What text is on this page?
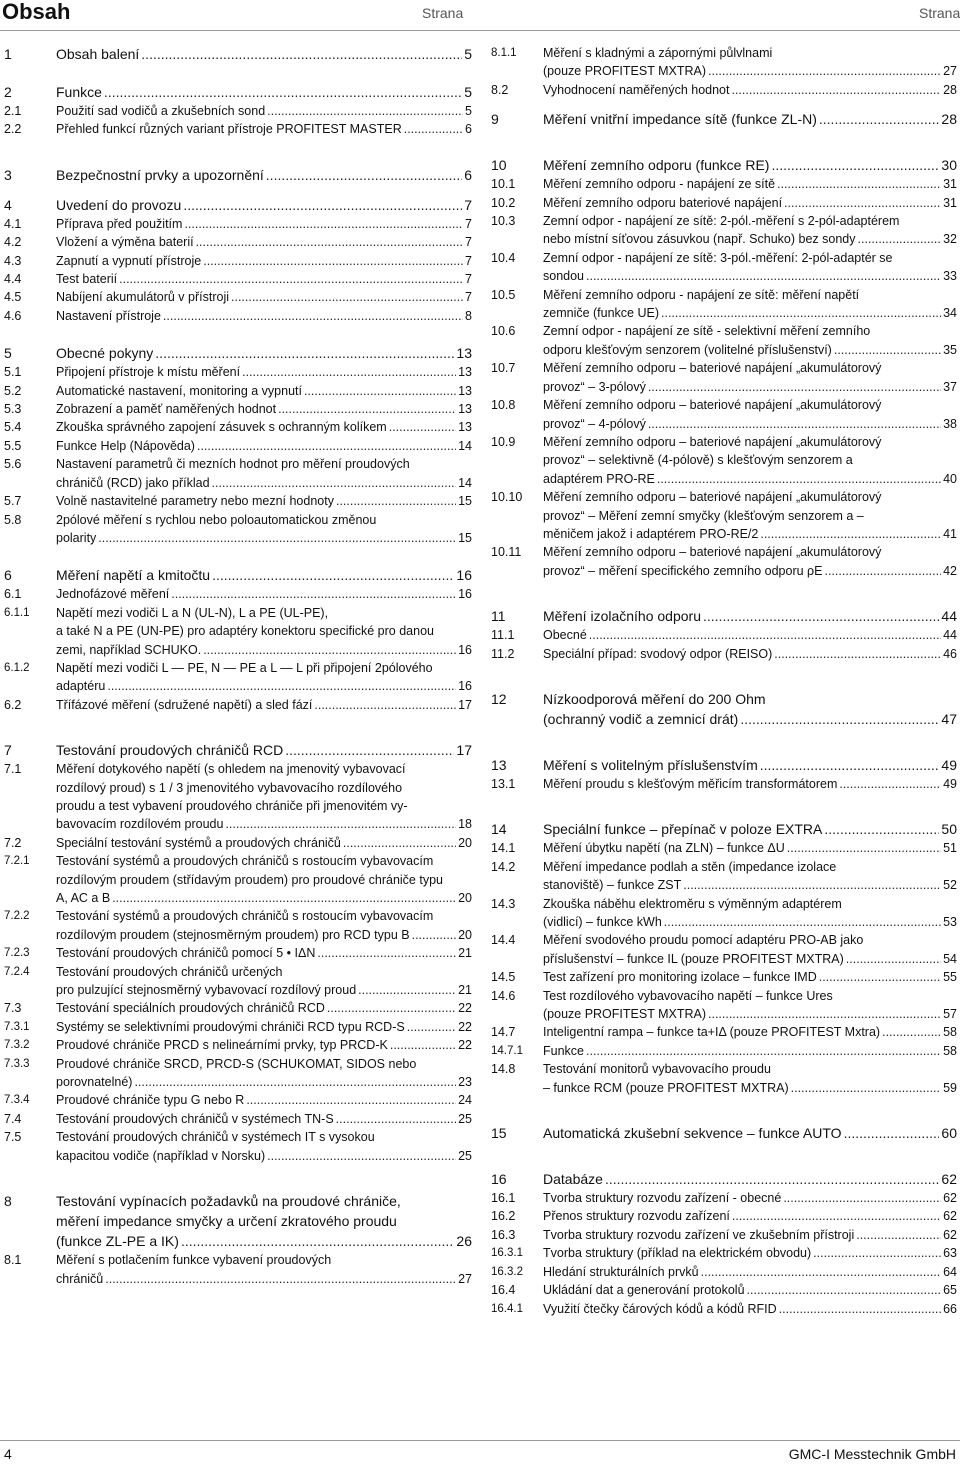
Obsah	Strana	Strana
1	Obsah balení .....	5
2	Funkce .....	5
2.1	Použití sad vodičů a zkušebních sond .....	5
2.2	Přehled funkcí různých variant přístroje PROFITEST MASTER .....	6
3	Bezpečnostní prvky a upozornění .....	6
4	Uvedení do provozu .....	7
4.1	Příprava před použitím .....	7
4.2	Vložení a výměna baterií .....	7
4.3	Zapnutí a vypnutí přístroje .....	7
4.4	Test baterií .....	7
4.5	Nabíjení akumulátorů v přístroji .....	7
4.6	Nastavení přístroje .....	8
5	Obecné pokyny .....	13
5.1	Připojení přístroje k místu měření .....	13
5.2	Automatické nastavení, monitoring a vypnutí .....	13
5.3	Zobrazení a paměť naměřených hodnot .....	13
5.4	Zkouška správného zapojení zásuvek s ochranným kolíkem .....	13
5.5	Funkce Help (Nápověda) .....	14
5.6	Nastavení parametrů či mezních hodnot pro měření proudových
chráničů (RCD) jako příklad .....	14
5.7	Volně nastavitelné parametry nebo mezní hodnoty .....	15
5.8	2pólové měření s rychlou nebo poloautomatickou změnou
polarity .....	15
6	Měření napětí a kmitočtu .....	16
6.1	Jednofázové měření .....	16
6.1.1	Napětí mezi vodiči L a N (UL-N), L a PE (UL-PE),
a také N a PE (UN-PE) pro adaptéry konektoru specifické pro danou
zemi, například SCHUKO. .....	16
6.1.2	Napětí mezi vodiči L — PE, N — PE a L — L při připojení 2pólového
adaptéru .....	16
6.2	Třífázové měření (sdružené napětí) a sled fází .....	17
7	Testování proudových chráničů RCD .....	17
7.1	Měření dotykového napětí (s ohledem na jmenovitý vybavovací
rozdílový proud) s 1 / 3 jmenovitého vybavovacího rozdílového
proudu a test vybavení proudového chrániče při jmenovitém vy-
bavovacím rozdílovém proudu .....	18
7.2	Speciální testování systémů a proudových chráničů .....	20
7.2.1	Testování systémů a proudových chráničů s rostoucím vybavovacím
rozdílovým proudem (střídavým proudem) pro proudové chrániče typu
A, AC a B .....	20
7.2.2	Testování systémů a proudových chráničů s rostoucím vybavovacím
rozdílovým proudem (stejnosměrným proudem) pro RCD typu B .....	20
7.2.3	Testování proudových chráničů pomocí 5 • IΔN .....	21
7.2.4	Testování proudových chráničů určených
pro pulzující stejnosměrný vybavovací rozdílový proud .....	21
7.3	Testování speciálních proudových chráničů RCD .....	22
7.3.1	Systémy se selektivními proudovými chrániči RCD typu RCD-S .....	22
7.3.2	Proudové chrániče PRCD s nelineárními prvky, typ PRCD-K .....	22
7.3.3	Proudové chrániče SRCD, PRCD-S (SCHUKOMAT, SIDOS nebo
porovnatelné) .....	23
7.3.4	Proudové chrániče typu G nebo R .....	24
7.4	Testování proudových chráničů v systémech TN-S .....	25
7.5	Testování proudových chráničů v systémech IT s vysokou
kapacitou vodiče (například v Norsku) .....	25
8	Testování vypínacích požadavků na proudové chrániče,
měření impedance smyčky a určení zkratového proudu
(funkce ZL-PE a IK) .....	26
8.1	Měření s potlačením funkce vybavení proudových
chráničů .....	27
8.1.1	Měření s kladnými a zápornými půlvlnami
(pouze PROFITEST MXTRA) .....	27
8.2	Vyhodnocení naměřených hodnot .....	28
9	Měření vnitřní impedance sítě (funkce ZL-N) .....	28
10	Měření zemního odporu (funkce RE) .....	30
10.1	Měření zemního odporu - napájení ze sítě .....	31
10.2	Měření zemního odporu bateriové napájení .....	31
10.3	Zemní odpor - napájení ze sítě: 2-pól.-měření s 2-pól-adaptérem
nebo místní síťovou zásuvkou (např. Schuko) bez sondy .....	32
10.4	Zemní odpor - napájení ze sítě: 3-pól.-měření: 2-pól-adaptér se
sondou .....	33
10.5	Měření zemního odporu - napájení ze sítě: měření napětí
zemniče (funkce UE) .....	34
10.6	Zemní odpor - napájení ze sítě - selektivní měření zemního
odporu klešťovým senzorem (volitelné příslušenství) .....	35
10.7	Měření zemního odporu – bateriové napájení „akumulátorový
provoz“ – 3-pólový .....	37
10.8	Měření zemního odporu – bateriové napájení „akumulátorový
provoz“ – 4-pólový .....	38
10.9	Měření zemního odporu – bateriové napájení „akumulátorový
provoz“ – selektivně (4-pólově) s klešťovým senzorem a
adaptérem PRO-RE .....	40
10.10	Měření zemního odporu – bateriové napájení „akumulátorový
provoz“ – Měření zemní smyčky (klešťovým senzorem a –
měničem jakož i adaptérem PRO-RE/2 .....	41
10.11	Měření zemního odporu – bateriové napájení „akumulátorový
provoz“ – měření specifického zemního odporu ρE .....	42
11	Měření izolačního odporu .....	44
11.1	Obecné .....	44
11.2	Speciální případ: svodový odpor (REISO) .....	46
12	Nízkoodporová měření do 200 Ohm
(ochranný vodič a zemnicí drát) .....	47
13	Měření s volitelným příslušenstvím .....	49
13.1	Měření proudu s klešťovým měřicím transformátorem .....	49
14	Speciální funkce – přepínač v poloze EXTRA .....	50
14.1	Měření úbytku napětí (na ZLN) – funkce ΔU .....	51
14.2	Měření impedance podlah a stěn (impedance izolace
stanoviště) – funkce ZST .....	52
14.3	Zkouška náběhu elektroměru s výměnným adaptérem
(vidlicí) – funkce kWh .....	53
14.4	Měření svodového proudu pomocí adaptéru PRO-AB jako
příslušenství – funkce IL (pouze PROFITEST MXTRA) .....	54
14.5	Test zařízení pro monitoring izolace – funkce IMD .....	55
14.6	Test rozdílového vybavovacího napětí – funkce Ures
(pouze PROFITEST MXTRA) .....	57
14.7	Inteligentní rampa – funkce ta+IΔ (pouze PROFITEST Mxtra) .....	58
14.7.1	Funkce .....	58
14.8	Testování monitorů vybavovacího proudu
– funkce RCM (pouze PROFITEST MXTRA) .....	59
15	Automatická zkušební sekvence – funkce AUTO .....	60
16	Databáze .....	62
16.1	Tvorba struktury rozvodu zařízení - obecné .....	62
16.2	Přenos struktury rozvodu zařízení .....	62
16.3	Tvorba struktury rozvodu zařízení ve zkušebním přístroji .....	62
16.3.1	Tvorba struktury (příklad na elektrickém obvodu) .....	63
16.3.2	Hledání strukturálních prvků .....	64
16.4	Ukládání dat a generování protokolů .....	65
16.4.1	Využití čtečky čárových kódů a kódů RFID .....	66
4	GMC-I Messtechnik GmbH
